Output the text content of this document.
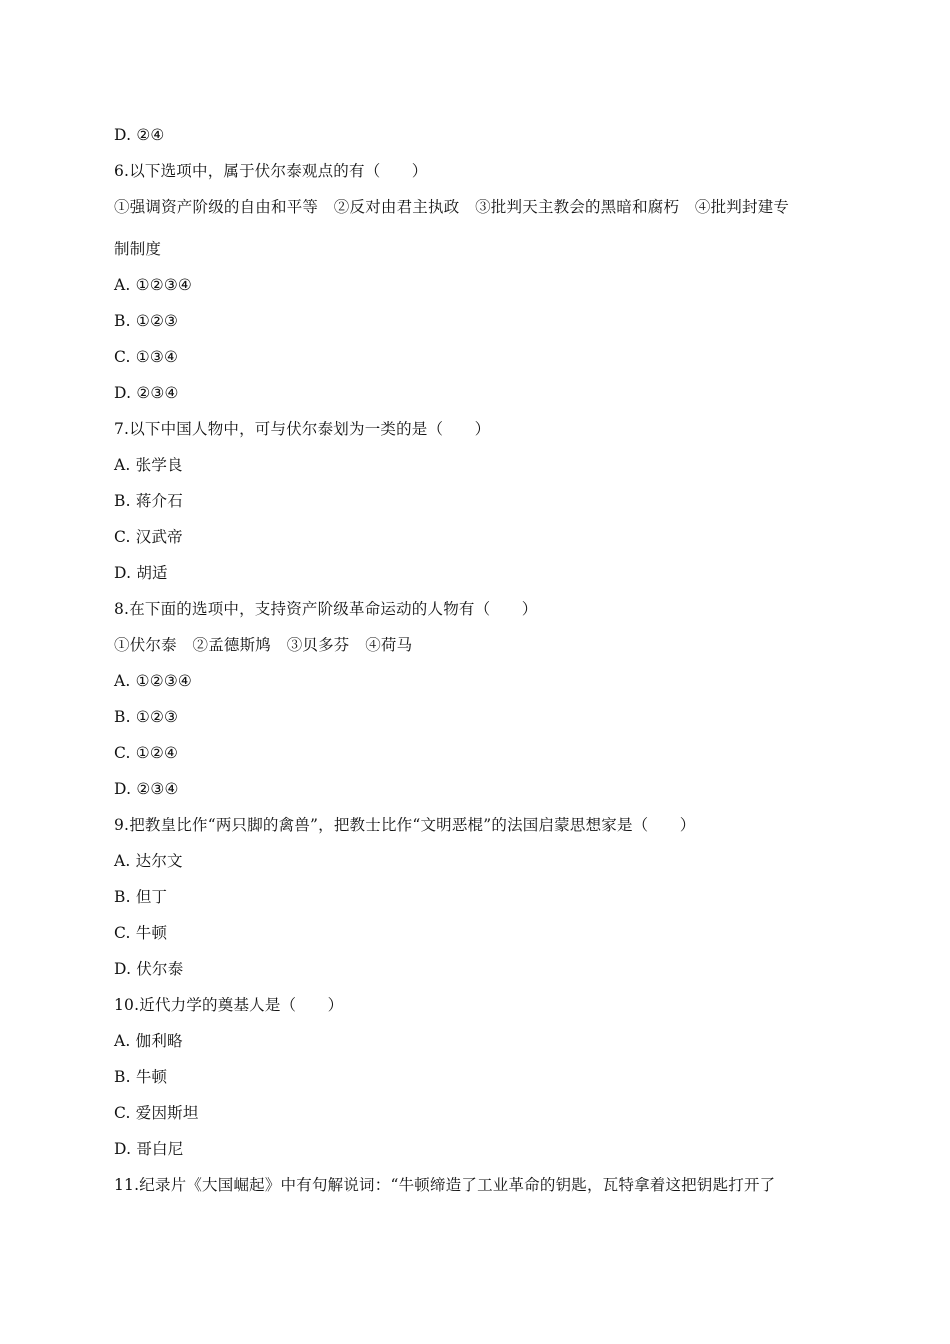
D. ②④
6.以下选项中，属于伏尔泰观点的有（　　）
①强调资产阶级的自由和平等　②反对由君主执政　③批判天主教会的黑暗和腐朽　④批判封建专
制制度
A. ①②③④
B. ①②③
C. ①③④
D. ②③④
7.以下中国人物中，可与伏尔泰划为一类的是（　　）
A. 张学良
B. 蒋介石
C. 汉武帝
D. 胡适
8.在下面的选项中，支持资产阶级革命运动的人物有（　　）
①伏尔泰　②孟德斯鸠　③贝多芬　④荷马
A. ①②③④
B. ①②③
C. ①②④
D. ②③④
9.把教皇比作“两只脚的禽兽”，把教士比作“文明恶棍”的法国启蒙思想家是（　　）
A. 达尔文
B. 但丁
C. 牛顿
D. 伏尔泰
10.近代力学的奠基人是（　　）
A. 伽利略
B. 牛顿
C. 爱因斯坦
D. 哥白尼
11.纪录片《大国崛起》中有句解说词：“牛顿缔造了工业革命的钥匙，瓦特拿着这把钥匙打开了
